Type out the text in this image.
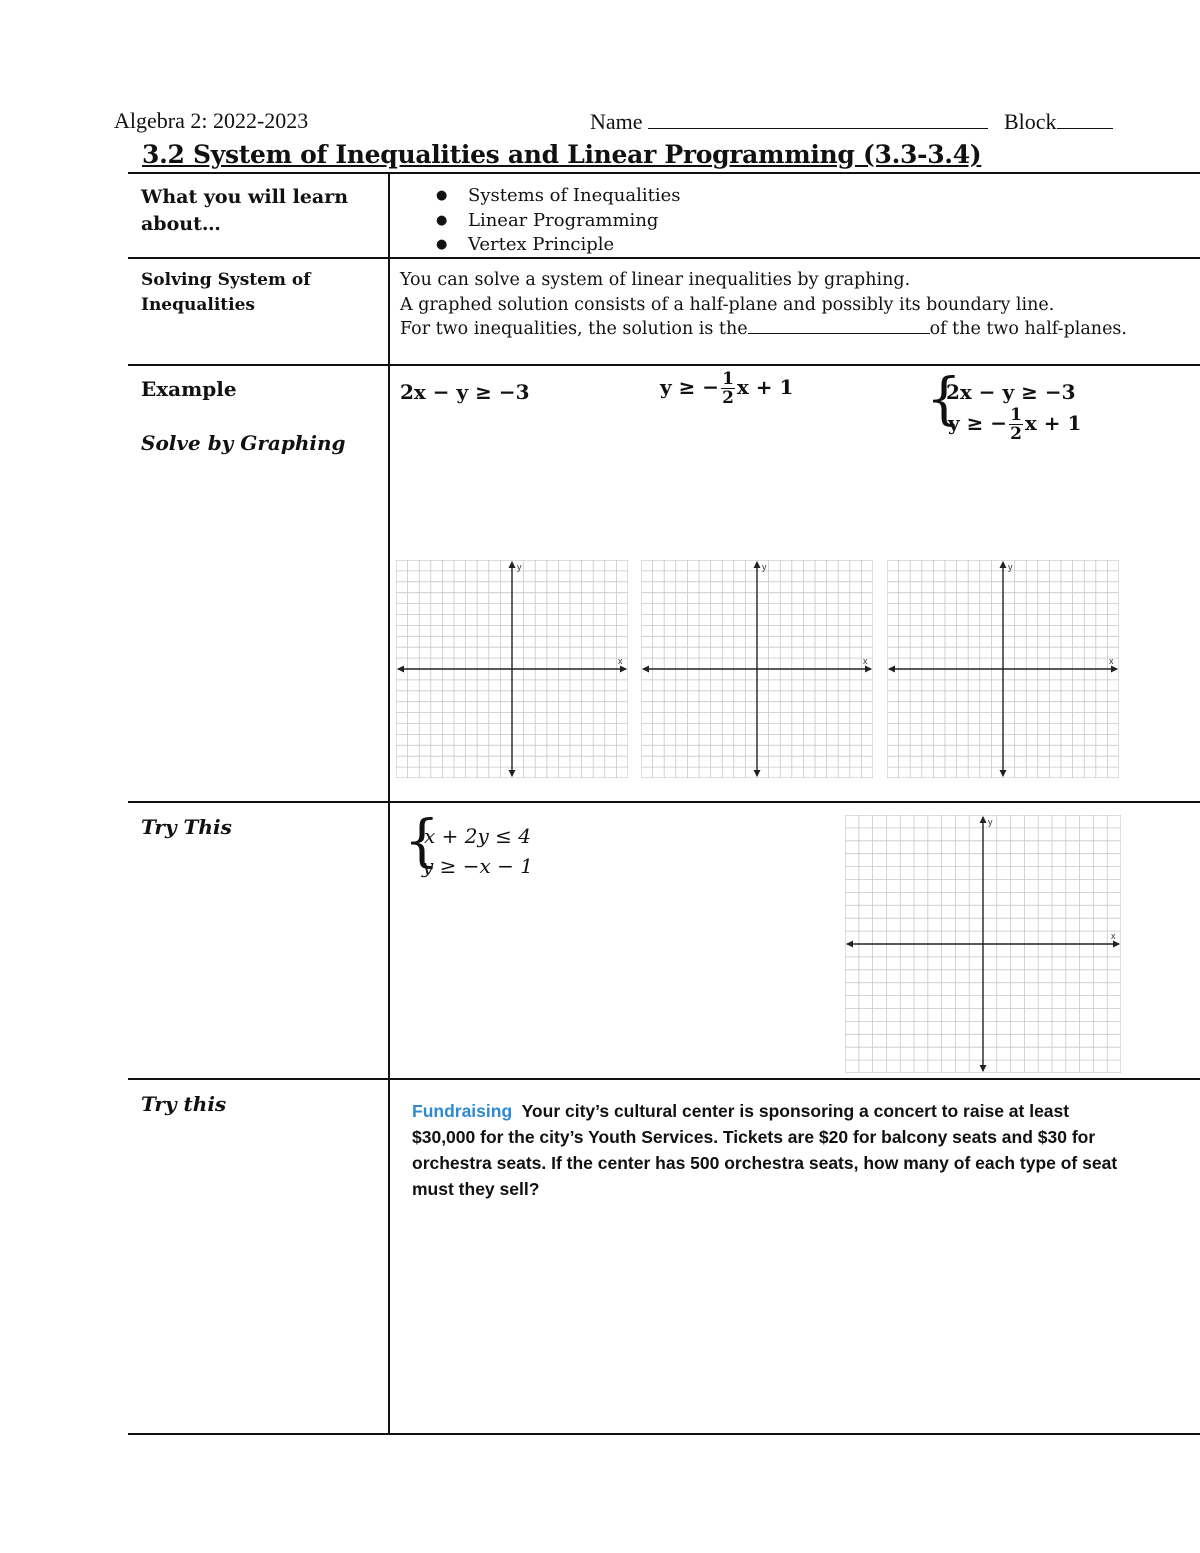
Algebra 2: 2022-2023	Name	Block
3.2 System of Inequalities and Linear Programming (3.3-3.4)
What you will learn about…
● Systems of Inequalities
● Linear Programming
● Vertex Principle
Solving System of Inequalities
You can solve a system of linear inequalities by graphing.
A graphed solution consists of a half-plane and possibly its boundary line.
For two inequalities, the solution is the	of the two half-planes.
Example
Solve by Graphing
2x − y ≥ −3	y ≥ − $\frac{1}{2}$ x + 1 {
2x − y ≥ −3
y ≥ − $\frac{1}{2}$ x + 1
x
y
x
y
x
y
Try This	{
x + 2y ≤ 4
y ≥ −x − 1
x
y
Try this	Fundraising Your city’s cultural center is sponsoring a concert to raise at least $30,000 for the city’s Youth Services. Tickets are $20 for balcony seats and $30 for orchestra seats. If the center has 500 orchestra seats, how many of each type of seat must they sell?
